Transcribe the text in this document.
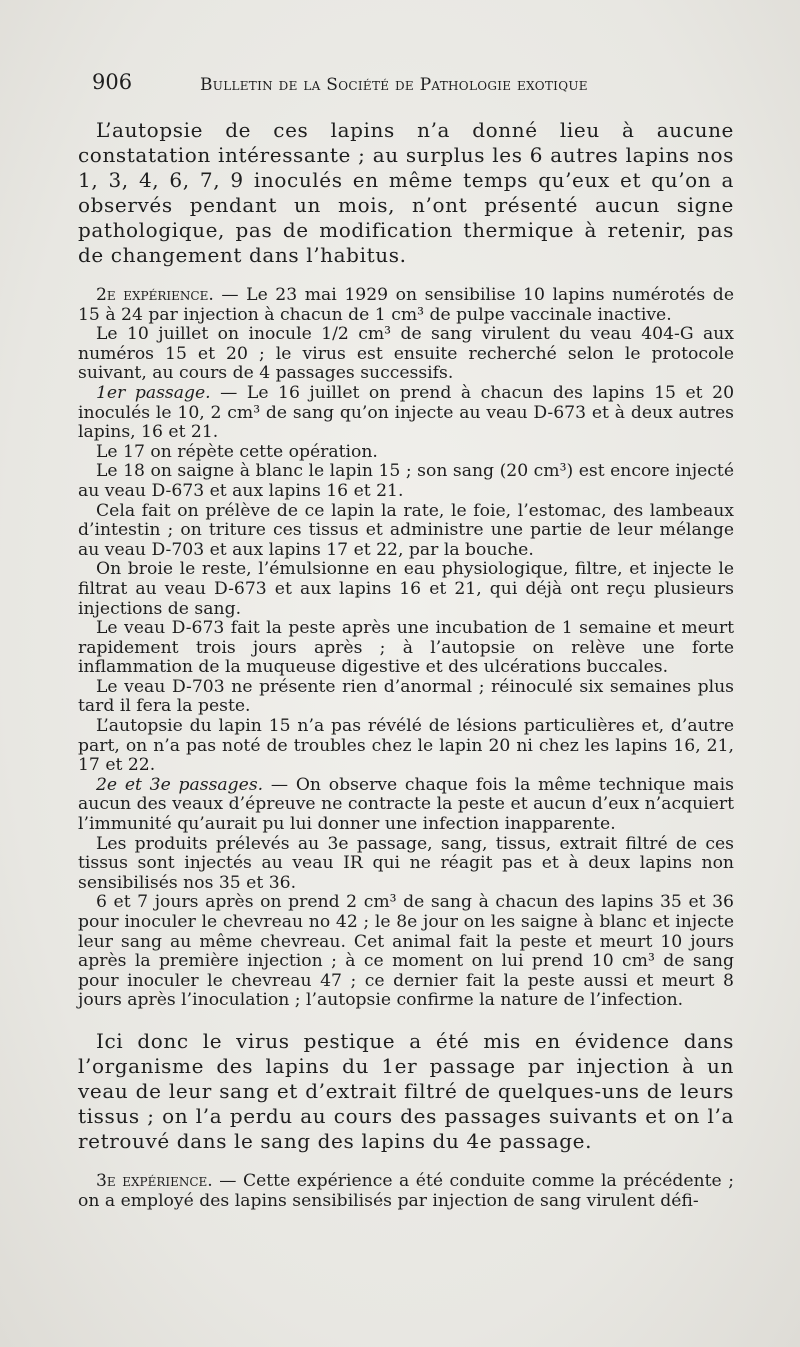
906	Bulletin de la Société de Pathologie exotique

L’autopsie de ces lapins n’a donné lieu à aucune constatation intéressante ; au surplus les 6 autres lapins nos 1, 3, 4, 6, 7, 9 inoculés en même temps qu’eux et qu’on a observés pendant un mois, n’ont présenté aucun signe pathologique, pas de modification thermique à retenir, pas de changement dans l’habitus.

2e expérience. — Le 23 mai 1929 on sensibilise 10 lapins numérotés de 15 à 24 par injection à chacun de 1 cm³ de pulpe vaccinale inactive.

Le 10 juillet on inocule 1/2 cm³ de sang virulent du veau 404-G aux numéros 15 et 20 ; le virus est ensuite recherché selon le protocole suivant, au cours de 4 passages successifs.

1er passage. — Le 16 juillet on prend à chacun des lapins 15 et 20 inoculés le 10, 2 cm³ de sang qu’on injecte au veau D-673 et à deux autres lapins, 16 et 21.

Le 17 on répète cette opération.

Le 18 on saigne à blanc le lapin 15 ; son sang (20 cm³) est encore injecté au veau D-673 et aux lapins 16 et 21.

Cela fait on prélève de ce lapin la rate, le foie, l’estomac, des lambeaux d’intestin ; on triture ces tissus et administre une partie de leur mélange au veau D-703 et aux lapins 17 et 22, par la bouche.

On broie le reste, l’émulsionne en eau physiologique, filtre, et injecte le filtrat au veau D-673 et aux lapins 16 et 21, qui déjà ont reçu plusieurs injections de sang.

Le veau D-673 fait la peste après une incubation de 1 semaine et meurt rapidement trois jours après ; à l’autopsie on relève une forte inflammation de la muqueuse digestive et des ulcérations buccales.

Le veau D-703 ne présente rien d’anormal ; réinoculé six semaines plus tard il fera la peste.

L’autopsie du lapin 15 n’a pas révélé de lésions particulières et, d’autre part, on n’a pas noté de troubles chez le lapin 20 ni chez les lapins 16, 21, 17 et 22.

2e et 3e passages. — On observe chaque fois la même technique mais aucun des veaux d’épreuve ne contracte la peste et aucun d’eux n’acquiert l’immunité qu’aurait pu lui donner une infection inapparente.

Les produits prélevés au 3e passage, sang, tissus, extrait filtré de ces tissus sont injectés au veau IR qui ne réagit pas et à deux lapins non sensibilisés nos 35 et 36.

6 et 7 jours après on prend 2 cm³ de sang à chacun des lapins 35 et 36 pour inoculer le chevreau no 42 ; le 8e jour on les saigne à blanc et injecte leur sang au même chevreau. Cet animal fait la peste et meurt 10 jours après la première injection ; à ce moment on lui prend 10 cm³ de sang pour inoculer le chevreau 47 ; ce dernier fait la peste aussi et meurt 8 jours après l’inoculation ; l’autopsie confirme la nature de l’infection.

Ici donc le virus pestique a été mis en évidence dans l’organisme des lapins du 1er passage par injection à un veau de leur sang et d’extrait filtré de quelques-uns de leurs tissus ; on l’a perdu au cours des passages suivants et on l’a retrouvé dans le sang des lapins du 4e passage.

3e expérience. — Cette expérience a été conduite comme la précédente ; on a employé des lapins sensibilisés par injection de sang virulent défi-
